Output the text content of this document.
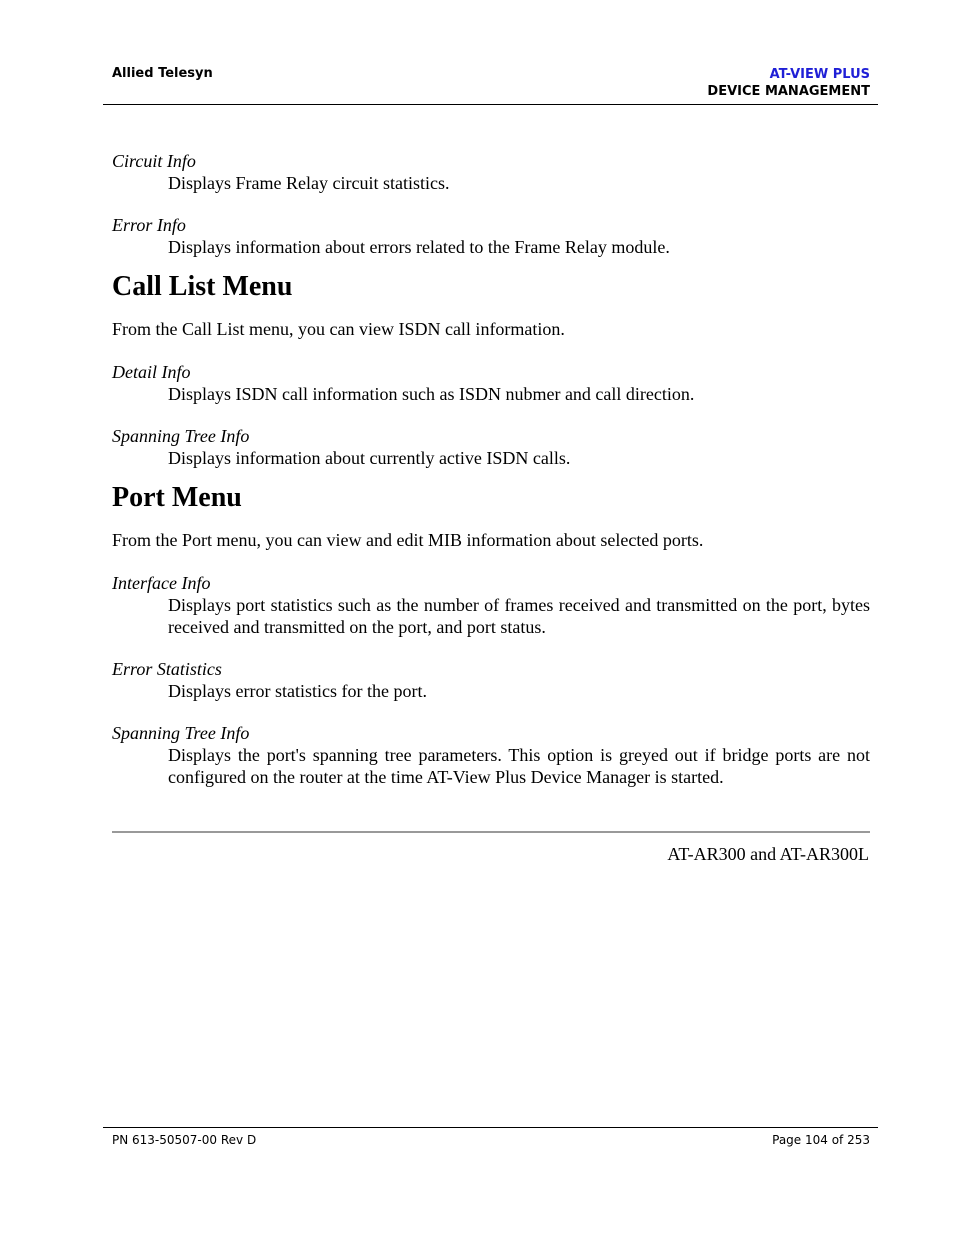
Allied Telesyn	AT-VIEW PLUS
DEVICE MANAGEMENT

Circuit Info

Displays Frame Relay circuit statistics.

Error Info

Displays information about errors related to the Frame Relay module.

Call List Menu

From the Call List menu, you can view ISDN call information.

Detail Info

Displays ISDN call information such as ISDN nubmer and call direction.

Spanning Tree Info

Displays information about currently active ISDN calls.

Port Menu

From the Port menu, you can view and edit MIB information about selected ports.

Interface Info

Displays port statistics such as the number of frames received and transmitted on the port, bytes received and transmitted on the port, and port status.

Error Statistics

Displays error statistics for the port.

Spanning Tree Info

Displays the port's spanning tree parameters. This option is greyed out if bridge ports are not configured on the router at the time AT-View Plus Device Manager is started.

AT-AR300 and AT-AR300L
PN 613-50507-00 Rev D	Page 104 of 253
